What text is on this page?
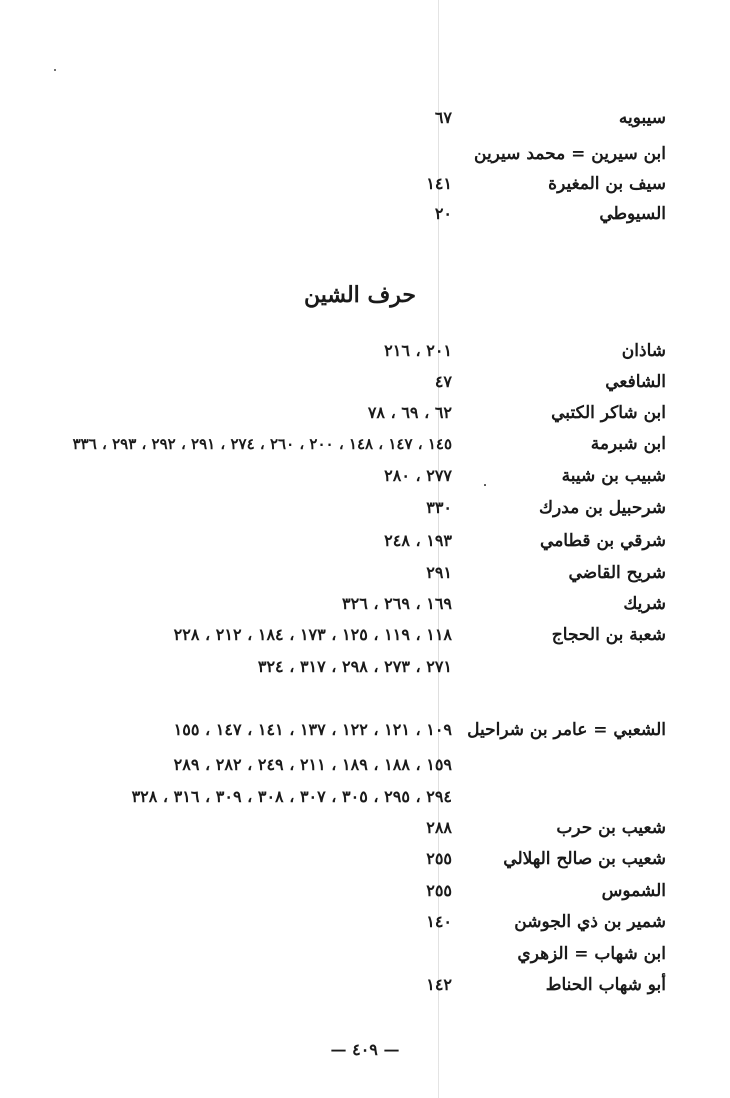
سيبويه
٦٧
ابن سيرين = محمد سيرين
سيف بن المغيرة
١٤١
السيوطي
٢٠
حرف الشين
شاذان
٢٠١ ، ٢١٦
الشافعي
٤٧
ابن شاكر الكتبي
٦٢ ، ٦٩ ، ٧٨
ابن شبرمة
١٤٥ ، ١٤٧ ، ١٤٨ ، ٢٠٠ ، ٢٦٠ ، ٢٧٤ ، ٢٩١ ، ٢٩٢ ، ٢٩٣ ، ٣٣٦
شبيب بن شيبة
٢٧٧ ، ٢٨٠
شرحبيل بن مدرك
٣٣٠
شرقي بن قطامي
١٩٣ ، ٢٤٨
شريح القاضي
٢٩١
شريك
١٦٩ ، ٢٦٩ ، ٣٢٦
شعبة بن الحجاج
١١٨ ، ١١٩ ، ١٢٥ ، ١٧٣ ، ١٨٤ ، ٢١٢ ، ٢٢٨
٢٧١ ، ٢٧٣ ، ٢٩٨ ، ٣١٧ ، ٣٢٤
الشعبي = عامر بن شراحيل
١٠٩ ، ١٢١ ، ١٢٢ ، ١٣٧ ، ١٤١ ، ١٤٧ ، ١٥٥
١٥٩ ، ١٨٨ ، ١٨٩ ، ٢١١ ، ٢٤٩ ، ٢٨٢ ، ٢٨٩
٢٩٤ ، ٢٩٥ ، ٣٠٥ ، ٣٠٧ ، ٣٠٨ ، ٣٠٩ ، ٣١٦ ، ٣٢٨
شعيب بن حرب
٢٨٨
شعيب بن صالح الهلالي
٢٥٥
الشموس
٢٥٥
شمير بن ذي الجوشن
١٤٠
ابن شهاب = الزهري
أبو شهاب الحناط
١٤٢
— ٤٠٩ —
